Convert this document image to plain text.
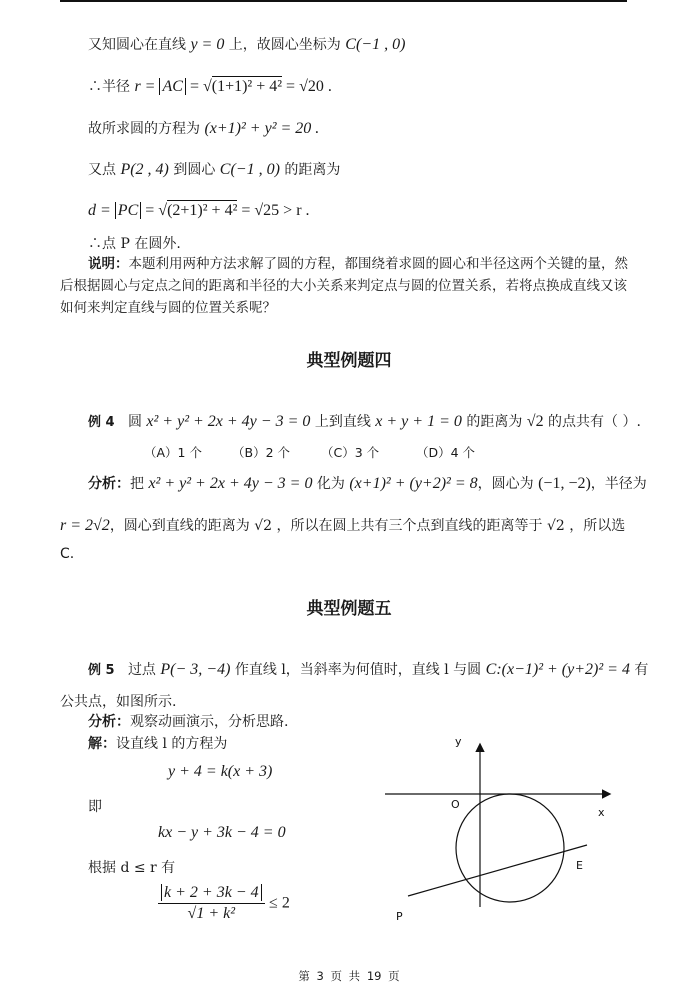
又知圆心在直线 y = 0 上，故圆心坐标为 C(−1 , 0)
∴半径 r = AC = √(1+1)² + 4² = √20 .
故所求圆的方程为 (x+1)² + y² = 20 .
又点 P(2 , 4) 到圆心 C(−1 , 0) 的距离为
d = PC = √(2+1)² + 4² = √25 > r .
∴点 P 在圆外.
说明：本题利用两种方法求解了圆的方程，都围绕着求圆的圆心和半径这两个关键的量，然后根据圆心与定点之间的距离和半径的大小关系来判定点与圆的位置关系，若将点换成直线又该如何来判定直线与圆的位置关系呢？
典型例题四
例 4 圆 x² + y² + 2x + 4y − 3 = 0 上到直线 x + y + 1 = 0 的距离为 √2 的点共有（ ）.
（A）1 个 （B）2 个 （C）3 个	（D）4 个
分析：把 x² + y² + 2x + 4y − 3 = 0 化为 (x+1)² + (y+2)² = 8，圆心为 (−1, −2)，半径为
r = 2√2，圆心到直线的距离为 √2 ，所以在圆上共有三个点到直线的距离等于 √2 ，所以选
C.
典型例题五
例 5 过点 P(− 3, −4) 作直线 l，当斜率为何值时，直线 l 与圆 C:(x−1)² + (y+2)² = 4 有
公共点，如图所示.
分析：观察动画演示，分析思路.
解：设直线 l 的方程为
y + 4 = k(x + 3)
即
kx − y + 3k − 4 = 0
根据 d ≤ r 有
$\frac{k + 2 + 3k - 4}{\text{√1 + k²}} \le 2$
y
x
O
E
P
第 3 页 共 19 页
